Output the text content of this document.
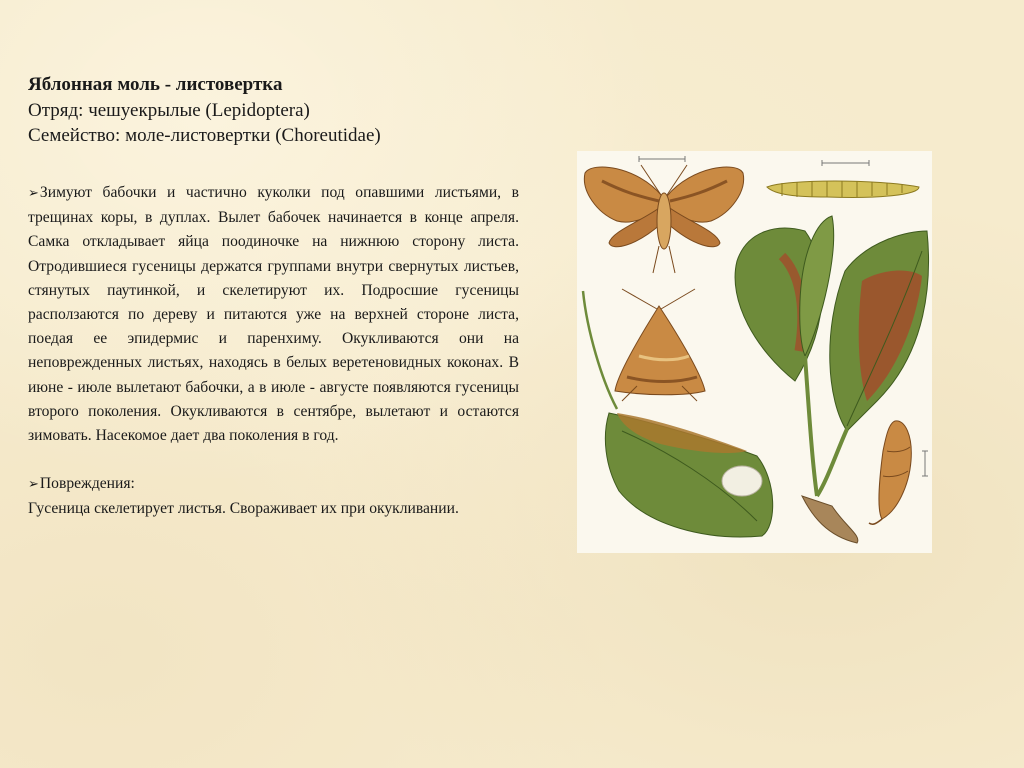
Яблонная моль - листовертка

Отряд: чешуекрылые (Lepidoptera)

Семейство: моле-листовертки (Choreutidae)

➢Зимуют бабочки и частично куколки под опавшими листьями, в трещинах коры, в дуплах. Вылет бабочек начинается в конце апреля. Самка откладывает яйца поодиночке на нижнюю сторону листа. Отродившиеся гусеницы держатся группами внутри свернутых листьев, стянутых паутинкой, и скелетируют их. Подросшие гусеницы расползаются по дереву и питаются уже на верхней стороне листа, поедая ее эпидермис и паренхиму. Окукливаются они на неповрежденных листьях, находясь в белых веретеновидных коконах. В июне - июле вылетают бабочки, а в июле - августе появляются гусеницы второго поколения. Окукливаются в сентябре, вылетают и остаются зимовать. Насекомое дает два поколения в год.

➢Повреждения:

Гусеница скелетирует листья. Свораживает их при окукливании.
